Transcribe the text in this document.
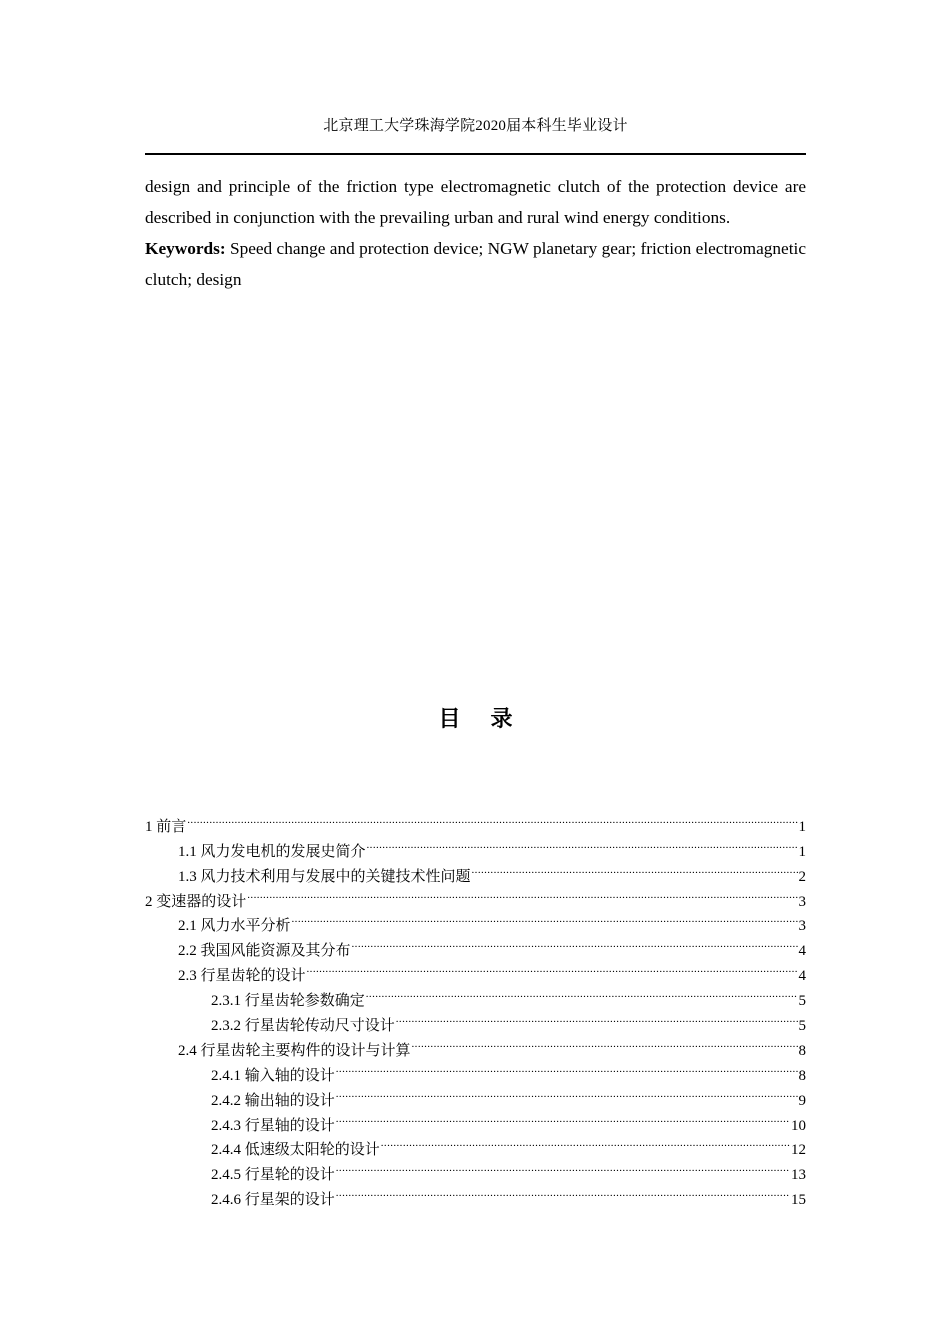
北京理工大学珠海学院2020届本科生毕业设计

design and principle of the friction type electromagnetic clutch of the protection device are described in conjunction with the prevailing urban and rural wind energy conditions.

Keywords: Speed change and protection device; NGW planetary gear; friction electromagnetic clutch; design

目录
1 前言 .....	1
1.1 风力发电机的发展史简介 .....	1
1.3 风力技术利用与发展中的关键技术性问题 .....	2
2 变速器的设计 .....	3
2.1 风力水平分析 .....	3
2.2 我国风能资源及其分布 .....	4
2.3 行星齿轮的设计 .....	4
2.3.1 行星齿轮参数确定 .....	5
2.3.2 行星齿轮传动尺寸设计 .....	5
2.4 行星齿轮主要构件的设计与计算 .....	8
2.4.1 输入轴的设计 .....	8
2.4.2 输出轴的设计 .....	9
2.4.3 行星轴的设计 .....	10
2.4.4 低速级太阳轮的设计 .....	12
2.4.5 行星轮的设计 .....	13
2.4.6 行星架的设计 .....	15
